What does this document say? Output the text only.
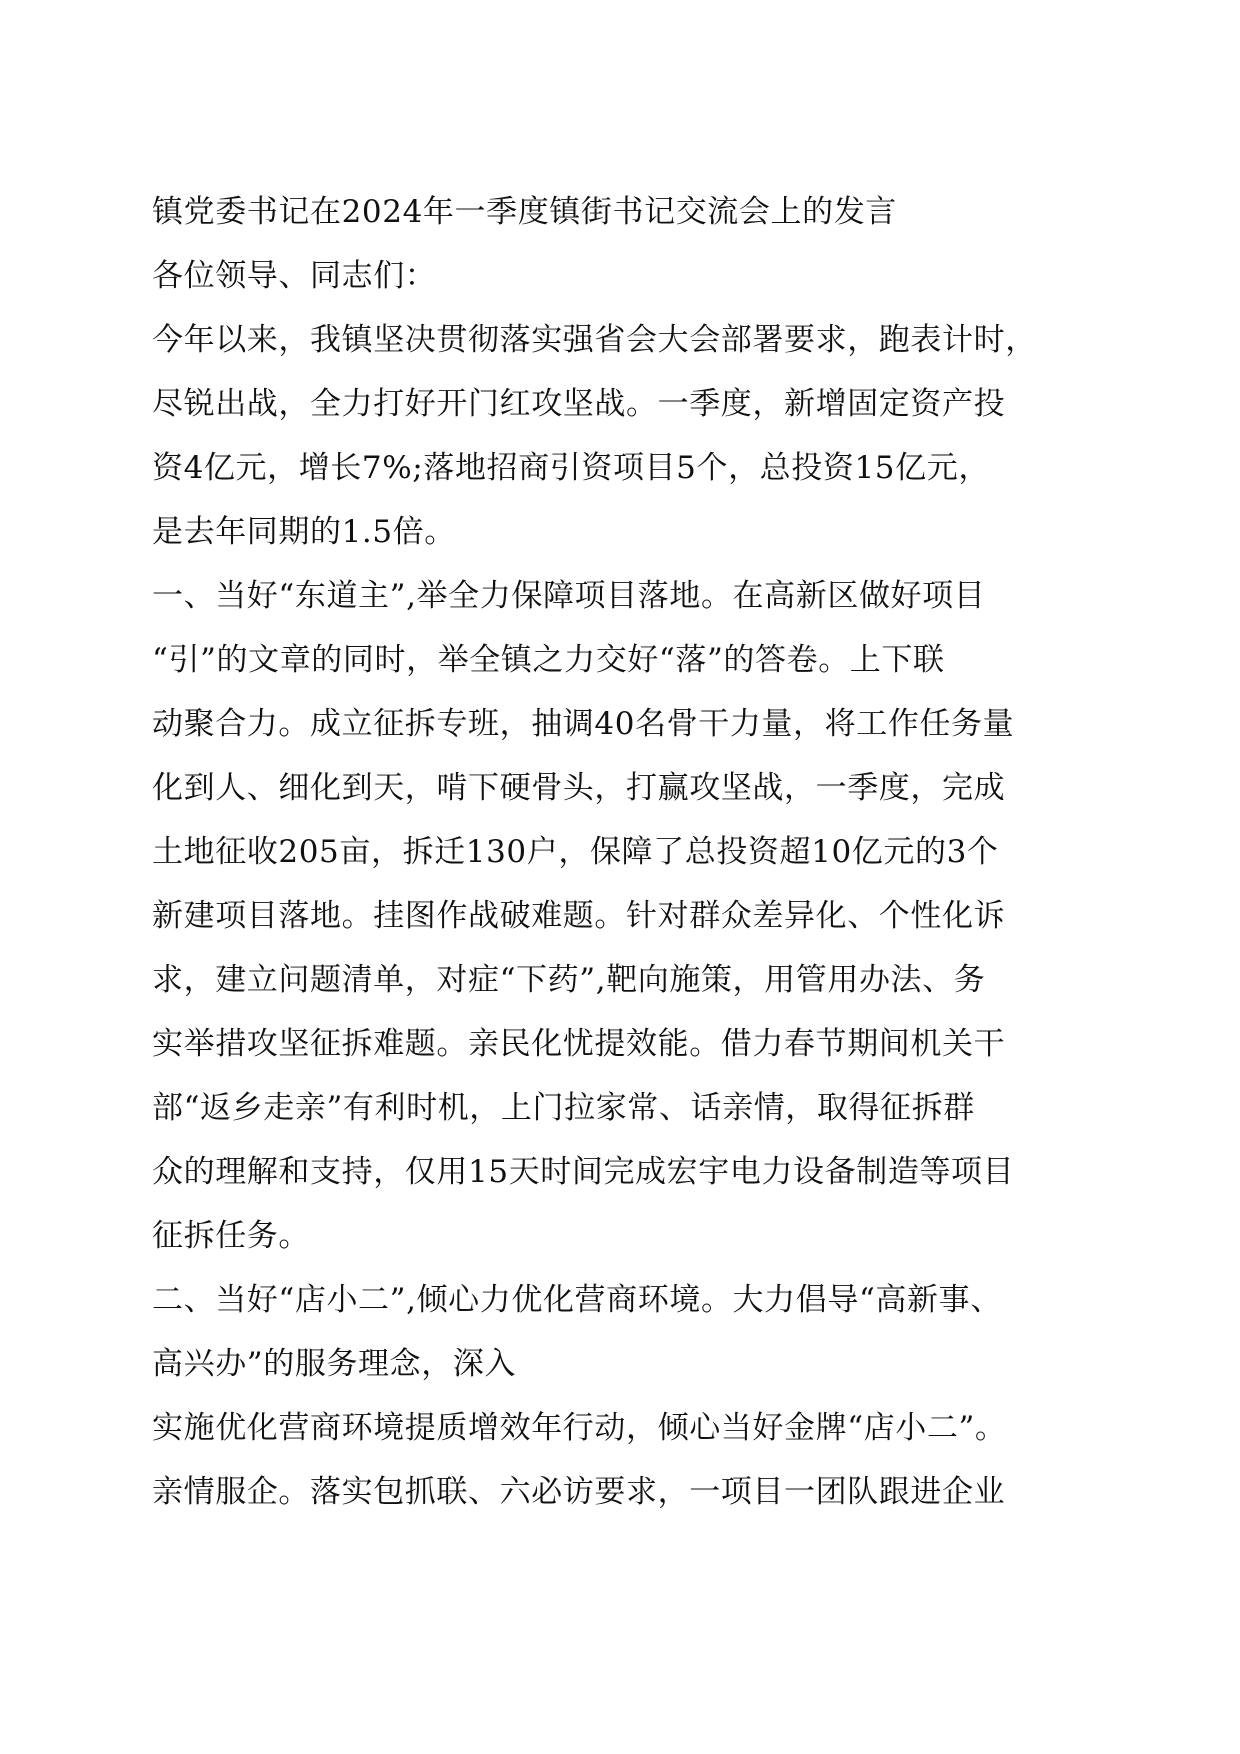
镇党委书记在2024年一季度镇街书记交流会上的发言

各位领导、同志们：

今年以来，我镇坚决贯彻落实强省会大会部署要求，跑表计时，

尽锐出战，全力打好开门红攻坚战。一季度，新增固定资产投

资4亿元，增长7%;落地招商引资项目5个，总投资15亿元，

是去年同期的1.5倍。

一、当好“东道主”,举全力保障项目落地。在高新区做好项目

“引”的文章的同时，举全镇之力交好“落”的答卷。上下联

动聚合力。成立征拆专班，抽调40名骨干力量，将工作任务量

化到人、细化到天，啃下硬骨头，打赢攻坚战，一季度，完成

土地征收205亩，拆迁130户，保障了总投资超10亿元的3个

新建项目落地。挂图作战破难题。针对群众差异化、个性化诉

求，建立问题清单，对症“下药”,靶向施策，用管用办法、务

实举措攻坚征拆难题。亲民化忧提效能。借力春节期间机关干

部“返乡走亲”有利时机，上门拉家常、话亲情，取得征拆群

众的理解和支持，仅用15天时间完成宏宇电力设备制造等项目

征拆任务。

二、当好“店小二”,倾心力优化营商环境。大力倡导“高新事、

高兴办”的服务理念，深入

实施优化营商环境提质增效年行动，倾心当好金牌“店小二”。

亲情服企。落实包抓联、六必访要求，一项目一团队跟进企业
